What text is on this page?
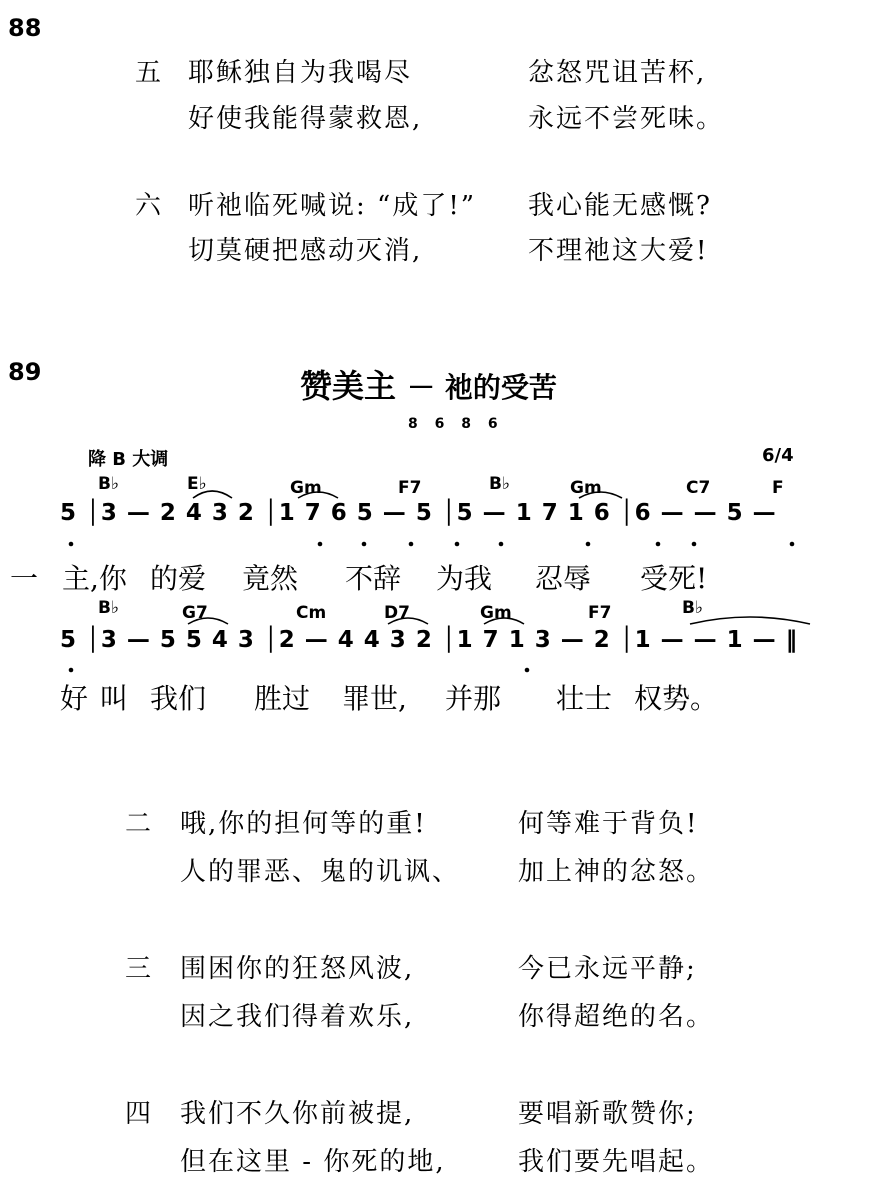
88
五 耶稣独自为我喝尽	忿怒咒诅苦杯,
好使我能得蒙救恩,	永远不尝死味。
六 听祂临死喊说: “成了!” 我心能无感慨?
切莫硬把感动灭消,	不理祂这大爱!
89	赞美主 － 祂的受苦
8 6 8 6
降 B 大调	6/4
B♭	E♭	Gm	F7	B♭	Gm	C7	F
5 │3 — 2 4 3 2 │1 7 6 5 — 5 │5 — 1 7 1 6 │6 — — 5 —
一 主,你 的爱 竟然 不辞 为我 忍辱 受死!
B♭	G7	Cm	D7	Gm	F7	B♭
5 │3 — 5 5 4 3 │2 — 4 4 3 2 │1 7 1 3 — 2 │1 — — 1 — ‖
好 叫 我们 胜过 罪世, 并那 壮士 权势。
二 哦,你的担何等的重!	何等难于背负!
人的罪恶、鬼的讥讽、 加上神的忿怒。
三 围困你的狂怒风波,	今已永远平静;
因之我们得着欢乐,	你得超绝的名。
四 我们不久你前被提,	要唱新歌赞你;
但在这里 - 你死的地,	我们要先唱起。
